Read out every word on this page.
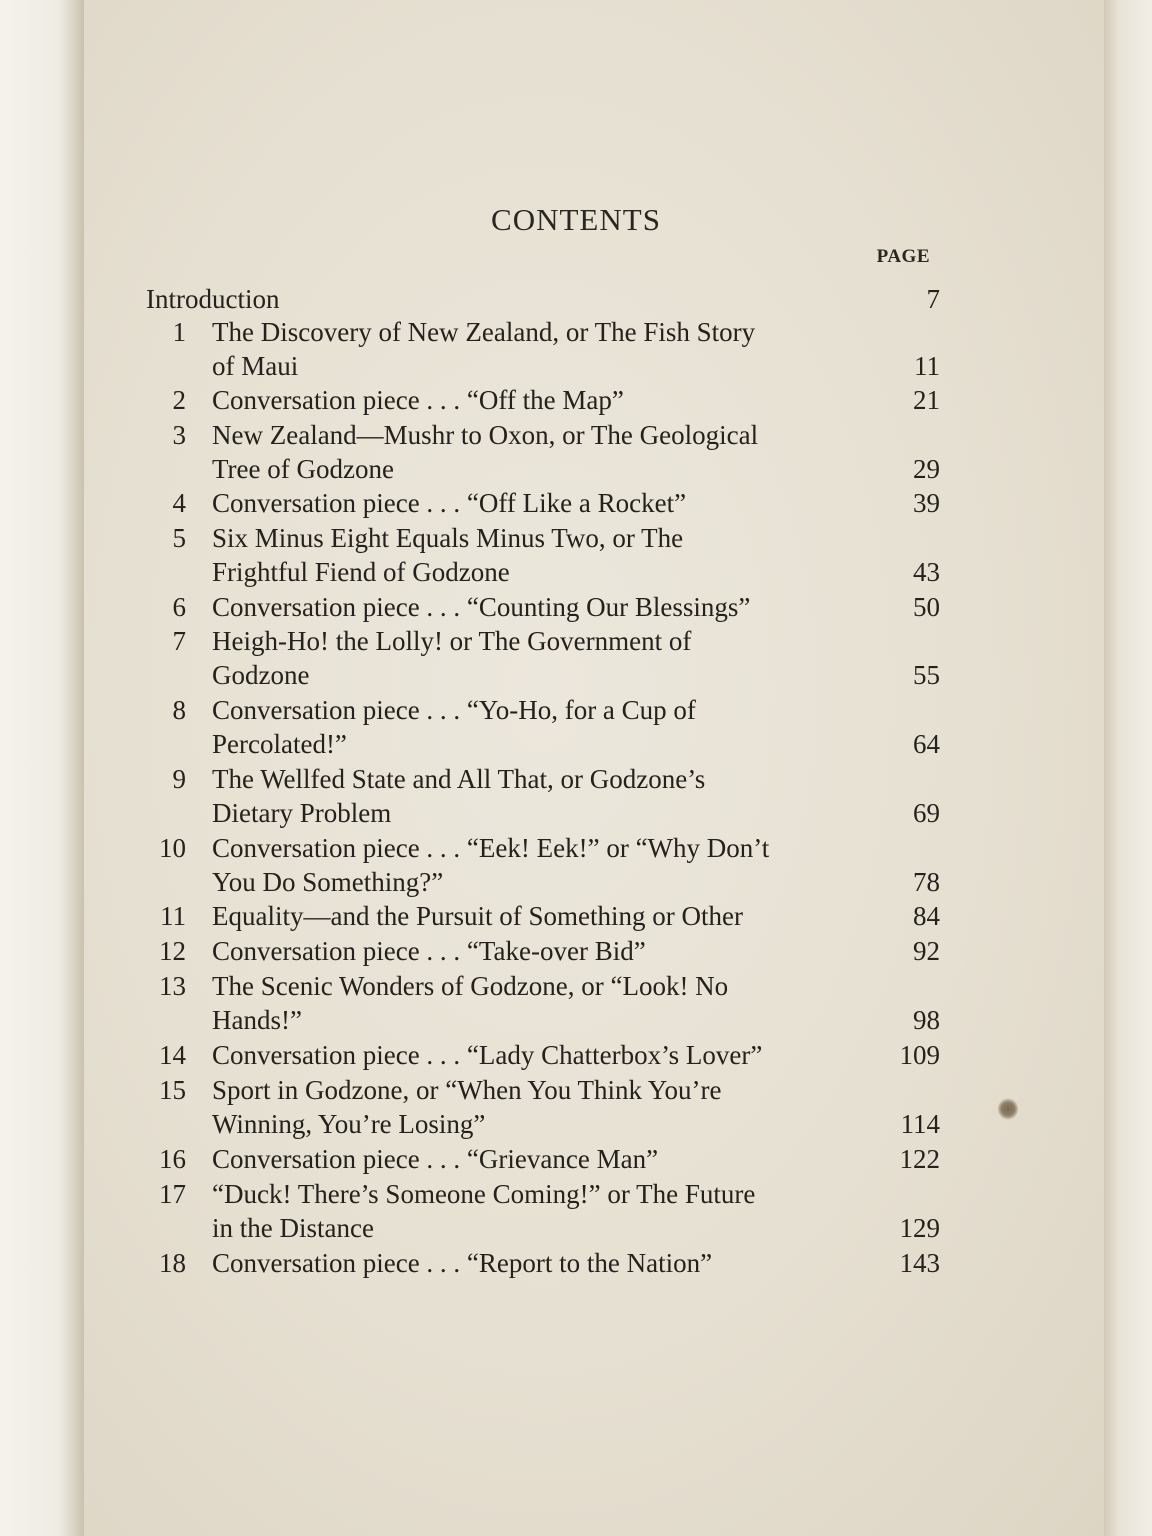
CONTENTS
PAGE
Introduction	7
1 The Discovery of New Zealand, or The Fish Story
of Maui	11
2 Conversation piece . . . “Off the Map”	21
3 New Zealand—Mushr to Oxon, or The Geological
Tree of Godzone	29
4 Conversation piece . . . “Off Like a Rocket”	39
5 Six Minus Eight Equals Minus Two, or The
Frightful Fiend of Godzone	43
6 Conversation piece . . . “Counting Our Blessings”	50
7 Heigh-Ho! the Lolly! or The Government of
Godzone	55
8 Conversation piece . . . “Yo-Ho, for a Cup of
Percolated!”	64
9 The Wellfed State and All That, or Godzone’s
Dietary Problem	69
10 Conversation piece . . . “Eek! Eek!” or “Why Don’t
You Do Something?”	78
11 Equality—and the Pursuit of Something or Other	84
12 Conversation piece . . . “Take-over Bid”	92
13 The Scenic Wonders of Godzone, or “Look! No
Hands!”	98
14 Conversation piece . . . “Lady Chatterbox’s Lover”	109
15 Sport in Godzone, or “When You Think You’re
Winning, You’re Losing”	114
16 Conversation piece . . . “Grievance Man”	122
17 “Duck! There’s Someone Coming!” or The Future
in the Distance	129
18 Conversation piece . . . “Report to the Nation”	143
